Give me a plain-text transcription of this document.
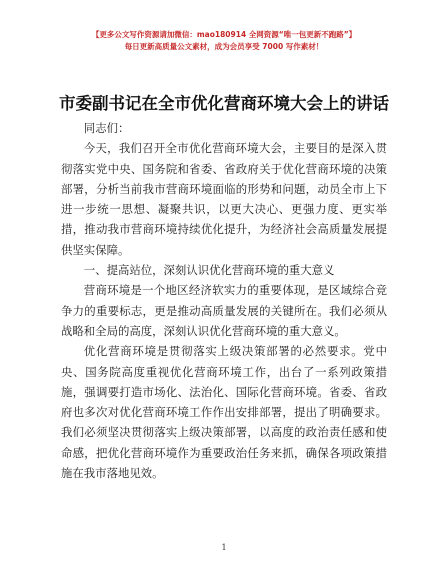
【更多公文写作资源请加微信：mao180914 全网资源“唯一包更新不跑路”】
每日更新高质量公文素材，成为会员享受 7000 写作素材！
市委副书记在全市优化营商环境大会上的讲话

同志们：

今天，我们召开全市优化营商环境大会，主要目的是深入贯彻落实党中央、国务院和省委、省政府关于优化营商环境的决策部署，分析当前我市营商环境面临的形势和问题，动员全市上下进一步统一思想、凝聚共识，以更大决心、更强力度、更实举措，推动我市营商环境持续优化提升，为经济社会高质量发展提供坚实保障。

一、提高站位，深刻认识优化营商环境的重大意义

营商环境是一个地区经济软实力的重要体现，是区域综合竞争力的重要标志，更是推动高质量发展的关键所在。我们必须从战略和全局的高度，深刻认识优化营商环境的重大意义。

优化营商环境是贯彻落实上级决策部署的必然要求。党中央、国务院高度重视优化营商环境工作，出台了一系列政策措施，强调要打造市场化、法治化、国际化营商环境。省委、省政府也多次对优化营商环境工作作出安排部署，提出了明确要求。我们必须坚决贯彻落实上级决策部署，以高度的政治责任感和使命感，把优化营商环境作为重要政治任务来抓，确保各项政策措施在我市落地见效。

1
